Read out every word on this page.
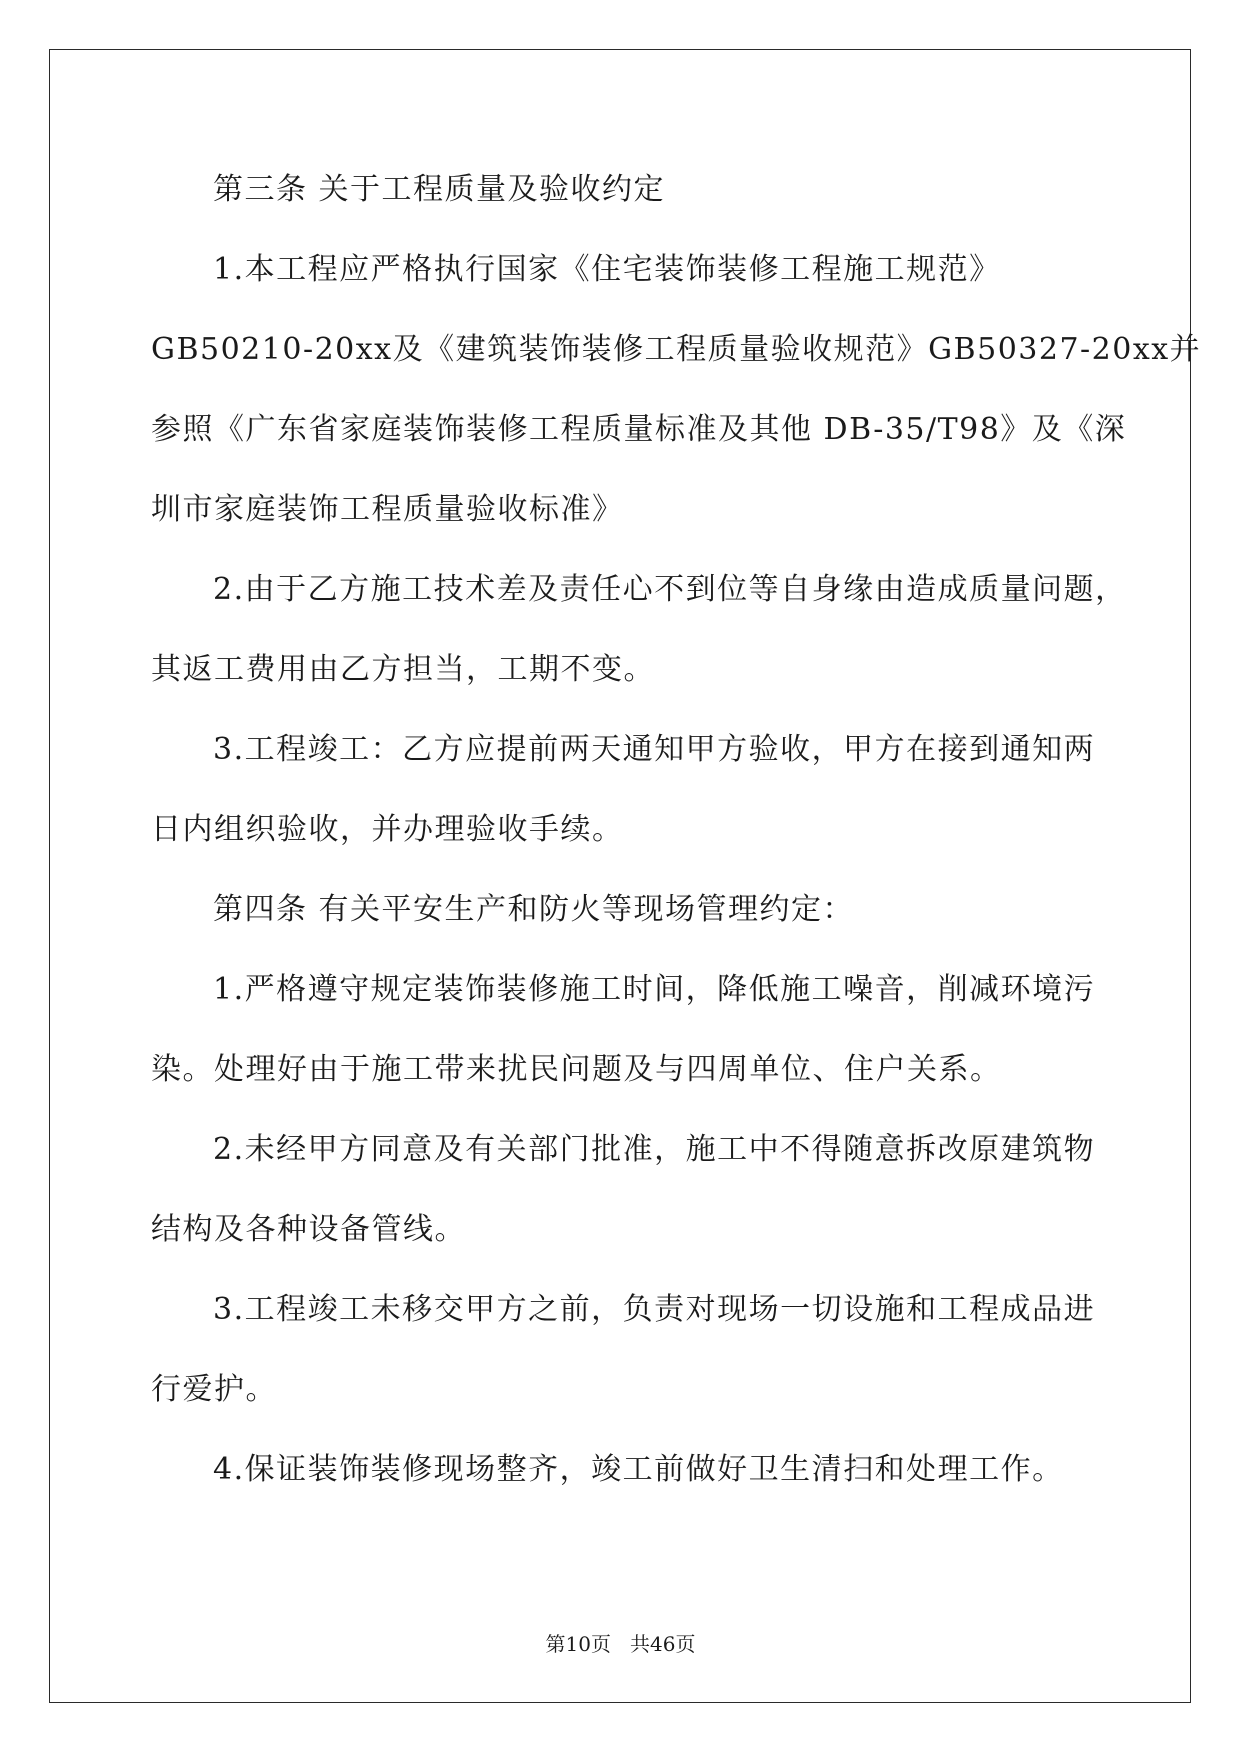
第三条 关于工程质量及验收约定
1.本工程应严格执行国家《住宅装饰装修工程施工规范》
GB50210-20xx及《建筑装饰装修工程质量验收规范》GB50327-20xx并
参照《广东省家庭装饰装修工程质量标准及其他 DB-35/T98》及《深
圳市家庭装饰工程质量验收标准》
2.由于乙方施工技术差及责任心不到位等自身缘由造成质量问题，
其返工费用由乙方担当，工期不变。
3.工程竣工：乙方应提前两天通知甲方验收，甲方在接到通知两
日内组织验收，并办理验收手续。
第四条 有关平安生产和防火等现场管理约定：
1.严格遵守规定装饰装修施工时间，降低施工噪音，削减环境污
染。处理好由于施工带来扰民问题及与四周单位、住户关系。
2.未经甲方同意及有关部门批准，施工中不得随意拆改原建筑物
结构及各种设备管线。
3.工程竣工未移交甲方之前，负责对现场一切设施和工程成品进
行爱护。
4.保证装饰装修现场整齐，竣工前做好卫生清扫和处理工作。
第10页   共46页
